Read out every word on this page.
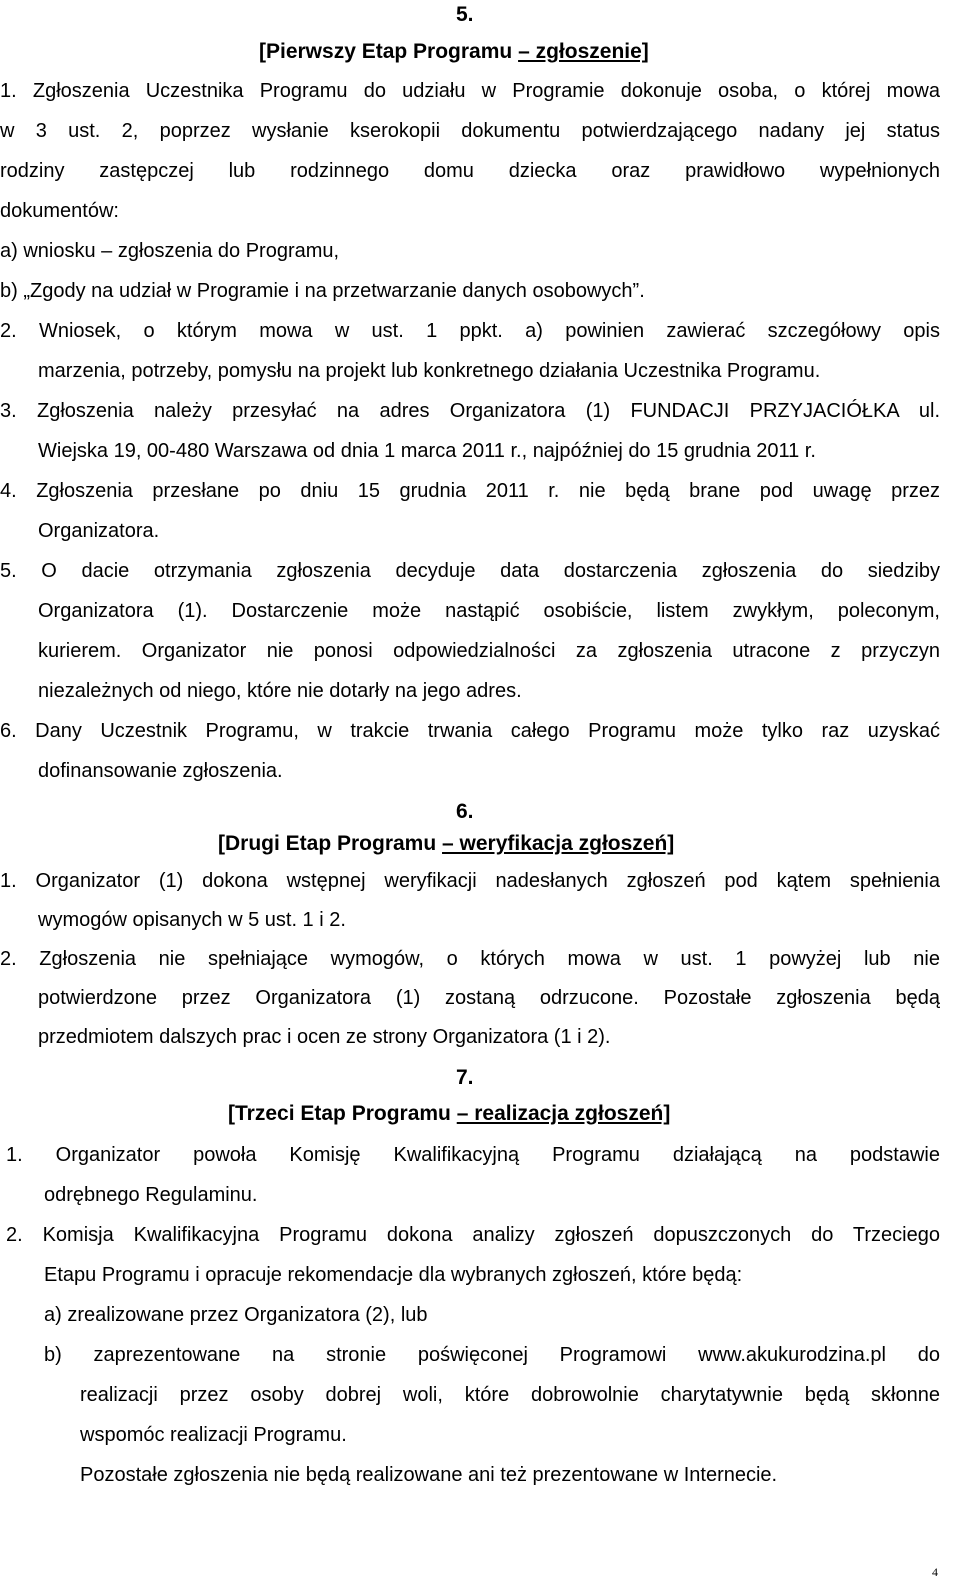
5.
[Pierwszy Etap Programu – zgłoszenie]
1. Zgłoszenia Uczestnika Programu do udziału w Programie dokonuje osoba, o której mowa
w 3 ust. 2, poprzez wysłanie kserokopii dokumentu potwierdzającego nadany jej status
rodziny zastępczej lub rodzinnego domu dziecka oraz prawidłowo wypełnionych
dokumentów:
a) wniosku – zgłoszenia do Programu,
b) „Zgody na udział w Programie i na przetwarzanie danych osobowych”.
2. Wniosek, o którym mowa w ust. 1 ppkt. a) powinien zawierać szczegółowy opis
marzenia, potrzeby, pomysłu na projekt lub konkretnego działania Uczestnika Programu.
3. Zgłoszenia należy przesyłać na adres Organizatora (1) FUNDACJI PRZYJACIÓŁKA ul.
Wiejska 19, 00-480 Warszawa od dnia 1 marca 2011 r., najpóźniej do 15 grudnia 2011 r.
4. Zgłoszenia przesłane po dniu 15 grudnia 2011 r. nie będą brane pod uwagę przez
Organizatora.
5. O dacie otrzymania zgłoszenia decyduje data dostarczenia zgłoszenia do siedziby
Organizatora (1). Dostarczenie może nastąpić osobiście, listem zwykłym, poleconym,
kurierem. Organizator nie ponosi odpowiedzialności za zgłoszenia utracone z przyczyn
niezależnych od niego, które nie dotarły na jego adres.
6. Dany Uczestnik Programu, w trakcie trwania całego Programu może tylko raz uzyskać
dofinansowanie zgłoszenia.
6.
[Drugi Etap Programu – weryfikacja zgłoszeń]
1. Organizator (1) dokona wstępnej weryfikacji nadesłanych zgłoszeń pod kątem spełnienia
wymogów opisanych w 5 ust. 1 i 2.
2. Zgłoszenia nie spełniające wymogów, o których mowa w ust. 1 powyżej lub nie
potwierdzone przez Organizatora (1) zostaną odrzucone. Pozostałe zgłoszenia będą
przedmiotem dalszych prac i ocen ze strony Organizatora (1 i 2).
7.
[Trzeci Etap Programu – realizacja zgłoszeń]
1. Organizator powoła Komisję Kwalifikacyjną Programu działającą na podstawie
odrębnego Regulaminu.
2. Komisja Kwalifikacyjna Programu dokona analizy zgłoszeń dopuszczonych do Trzeciego
Etapu Programu i opracuje rekomendacje dla wybranych zgłoszeń, które będą:
a) zrealizowane przez Organizatora (2), lub
b) zaprezentowane na stronie poświęconej Programowi www.akukurodzina.pl do
realizacji przez osoby dobrej woli, które dobrowolnie charytatywnie będą skłonne
wspomóc realizacji Programu.
Pozostałe zgłoszenia nie będą realizowane ani też prezentowane w Internecie.
4
